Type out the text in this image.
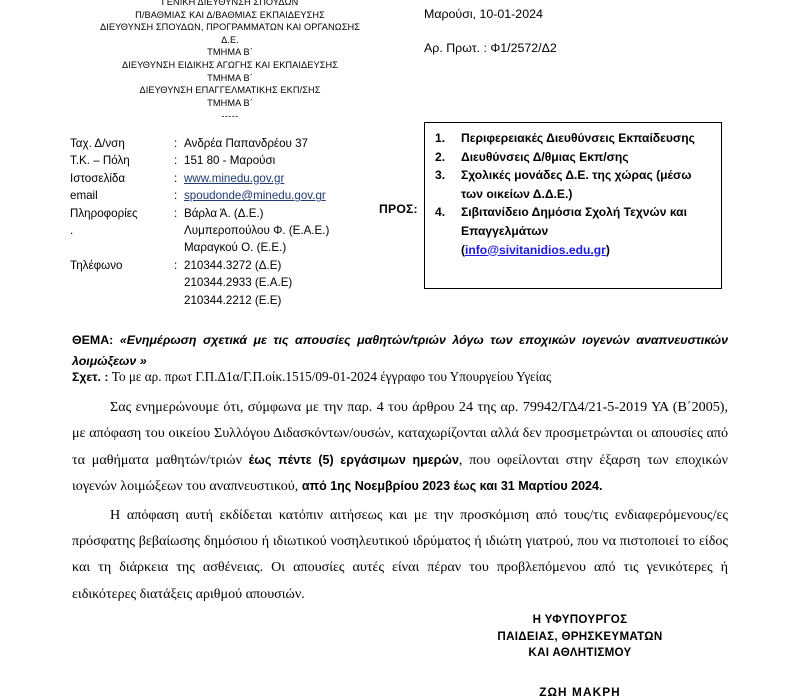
ΓΕΝΙΚΗ ΔΙΕΥΘΥΝΣΗ ΣΠΟΥΔΩΝ
Π/ΒΑΘΜΙΑΣ ΚΑΙ Δ/ΒΑΘΜΙΑΣ ΕΚΠΑΙΔΕΥΣΗΣ
ΔΙΕΥΘΥΝΣΗ ΣΠΟΥΔΩΝ, ΠΡΟΓΡΑΜΜΑΤΩΝ ΚΑΙ ΟΡΓΑΝΩΣΗΣ
Δ.Ε.
ΤΜΗΜΑ Β΄
ΔΙΕΥΘΥΝΣΗ ΕΙΔΙΚΗΣ ΑΓΩΓΗΣ ΚΑΙ ΕΚΠΑΙΔΕΥΣΗΣ
ΤΜΗΜΑ Β΄
ΔΙΕΥΘΥΝΣΗ ΕΠΑΓΓΕΛΜΑΤΙΚΗΣ ΕΚΠ/ΣΗΣ
ΤΜΗΜΑ Β΄
-----
Μαρούσι, 10-01-2024
Αρ. Πρωτ. : Φ1/2572/Δ2
Ταχ. Δ/νση	:	Ανδρέα Παπανδρέου 37
Τ.Κ. – Πόλη	:	151 80 - Μαρούσι
Ιστοσελίδα	:	www.minedu.gov.gr
email	:	spoudonde@minedu.gov.gr
Πληροφορίες	:	Βάρλα Ά. (Δ.Ε.)
.		Λυμπεροπούλου Φ. (Ε.Α.Ε.)
		Μαραγκού Ο. (Ε.Ε.)
Τηλέφωνο	:	210344.3272 (Δ.Ε)
		210344.2933 (Ε.Α.Ε)
		210344.2212 (Ε.Ε)
ΠΡΟΣ:
Περιφερειακές Διευθύνσεις Εκπαίδευσης
Διευθύνσεις Δ/θμιας Εκπ/σης
Σχολικές μονάδες Δ.Ε. της χώρας (μέσω των οικείων Δ.Δ.Ε.)
Σιβιτανίδειο Δημόσια Σχολή Τεχνών και Επαγγελμάτων
(info@sivitanidios.edu.gr)
ΘΕΜΑ: «Ενημέρωση σχετικά με τις απουσίες μαθητών/τριών λόγω των εποχικών ιογενών αναπνευστικών λοιμώξεων »
Σχετ. : Το με αρ. πρωτ Γ.Π.Δ1α/Γ.Π.οίκ.1515/09-01-2024 έγγραφο του Υπουργείου Υγείας

Σας ενημερώνουμε ότι, σύμφωνα με την παρ. 4 του άρθρου 24 της αρ. 79942/ΓΔ4/21-5-2019 ΥΑ (Β΄2005), με απόφαση του οικείου Συλλόγου Διδασκόντων/ουσών, καταχωρίζονται αλλά δεν προσμετρώνται οι απουσίες από τα μαθήματα μαθητών/τριών έως πέντε (5) εργάσιμων ημερών, που οφείλονται στην έξαρση των εποχικών ιογενών λοιμώξεων του αναπνευστικού, από 1ης Νοεμβρίου 2023 έως και 31 Μαρτίου 2024.

Η απόφαση αυτή εκδίδεται κατόπιν αιτήσεως και με την προσκόμιση από τους/τις ενδιαφερόμενους/ες πρόσφατης βεβαίωσης δημόσιου ή ιδιωτικού νοσηλευτικού ιδρύματος ή ιδιώτη γιατρού, που να πιστοποιεί το είδος και τη διάρκεια της ασθένειας. Οι απουσίες αυτές είναι πέραν του προβλεπόμενου από τις γενικότερες ή ειδικότερες διατάξεις αριθμού απουσιών.

Η ΥΦΥΠΟΥΡΓΟΣ
ΠΑΙΔΕΙΑΣ, ΘΡΗΣΚΕΥΜΑΤΩΝ
ΚΑΙ ΑΘΛΗΤΙΣΜΟΥ
ΖΩΗ ΜΑΚΡΗ
